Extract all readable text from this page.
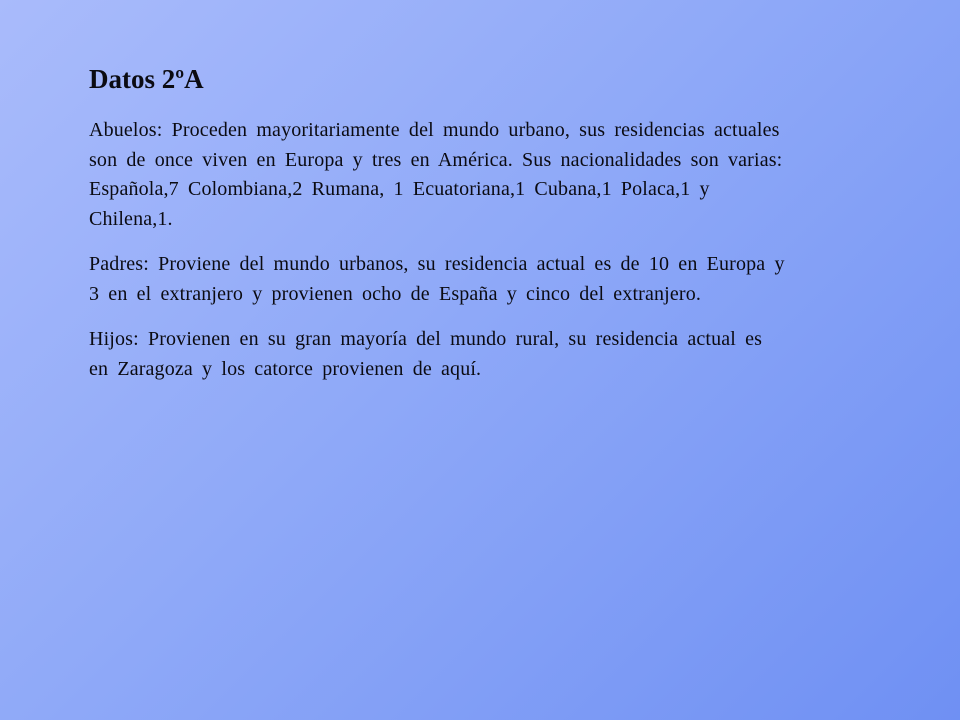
Datos 2ºA

Abuelos: Proceden mayoritariamente del mundo urbano, sus residencias actuales son de once viven en Europa y tres en América. Sus nacionalidades son varias: Española,7 Colombiana,2 Rumana, 1 Ecuatoriana,1 Cubana,1 Polaca,1 y Chilena,1.

Padres: Proviene del mundo urbanos, su residencia actual es de 10 en Europa y 3 en el extranjero y provienen ocho de España y cinco del extranjero.

Hijos: Provienen en su gran mayoría del mundo rural, su residencia actual es en Zaragoza y los catorce provienen de aquí.
